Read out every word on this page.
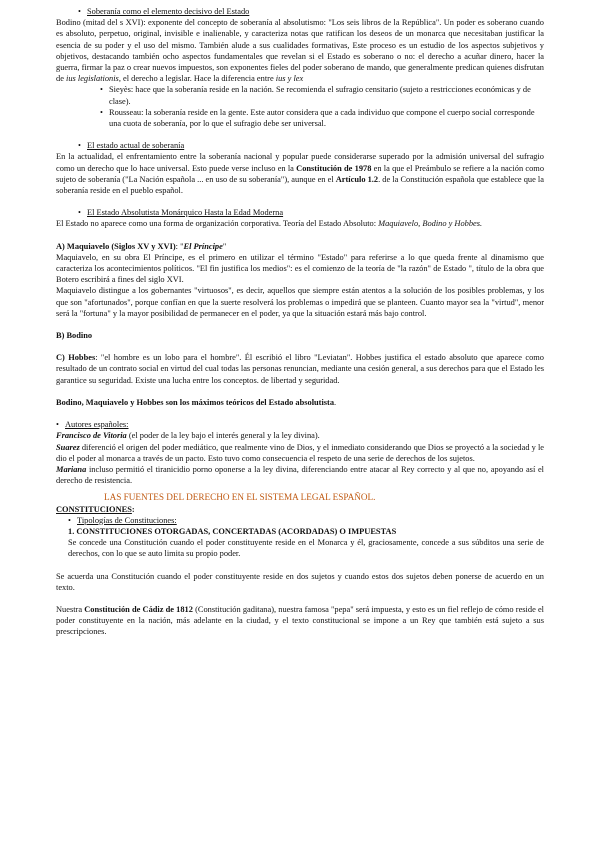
• Soberanía como el elemento decisivo del Estado

Bodino (mitad del s XVI): exponente del concepto de soberanía al absolutismo: "Los seis libros de la República". Un poder es soberano cuando es absoluto, perpetuo, original, invisible e inalienable, y caracteriza notas que ratifican los deseos de un monarca que necesitaban justificar la esencia de su poder y el uso del mismo. También alude a sus cualidades formativas, Este proceso es un estudio de los aspectos subjetivos y objetivos, destacando también ocho aspectos fundamentales que revelan si el Estado es soberano o no: el derecho a acuñar dinero, hacer la guerra, firmar la paz o crear nuevos impuestos, son exponentes fieles del poder soberano de mando, que generalmente predican quienes disfrutan de ius legislationis, el derecho a legislar. Hace la diferencia entre ius y lex

• Sieyès: hace que la soberanía reside en la nación. Se recomienda el sufragio censitario (sujeto a restricciones económicas y de clase).
• Rousseau: la soberanía reside en la gente. Este autor considera que a cada individuo que compone el cuerpo social corresponde una cuota de soberanía, por lo que el sufragio debe ser universal.
• El estado actual de soberanía

En la actualidad, el enfrentamiento entre la soberanía nacional y popular puede considerarse superado por la admisión universal del sufragio como un derecho que lo hace universal. Esto puede verse incluso en la Constitución de 1978 en la que el Preámbulo se refiere a la nación como sujeto de soberanía ("La Nación española ... en uso de su soberanía"), aunque en el Artículo 1.2. de la Constitución española que establece que la soberanía reside en el pueblo español.

• El Estado Absolutista Monárquico Hasta la Edad Moderna

El Estado no aparece como una forma de organización corporativa. Teoría del Estado Absoluto: Maquiavelo, Bodino y Hobbes.

A) Maquiavelo (Siglos XV y XVI): "El Príncipe"

Maquiavelo, en su obra El Príncipe, es el primero en utilizar el término "Estado" para referirse a lo que queda frente al dinamismo que caracteriza los acontecimientos políticos. "El fin justifica los medios": es el comienzo de la teoría de "la razón" de Estado ", título de la obra que Botero escribirá a fines del siglo XVI.

Maquiavelo distingue a los gobernantes "virtuosos", es decir, aquellos que siempre están atentos a la solución de los posibles problemas, y los que son "afortunados", porque confían en que la suerte resolverá los problemas o impedirá que se planteen. Cuanto mayor sea la "virtud", menor será la "fortuna" y la mayor posibilidad de permanecer en el poder, ya que la situación estará más bajo control.

B) Bodino

C) Hobbes: "el hombre es un lobo para el hombre". Él escribió el libro "Leviatan". Hobbes justifica el estado absoluto que aparece como resultado de un contrato social en virtud del cual todas las personas renuncian, mediante una cesión general, a sus derechos para que el Estado les garantice su seguridad. Existe una lucha entre los conceptos. de libertad y seguridad.

Bodino, Maquiavelo y Hobbes son los máximos teóricos del Estado absolutista.

• Autores españoles:

Francisco de Vitoria (el poder de la ley bajo el interés general y la ley divina).

Suarez diferenció el origen del poder mediático, que realmente vino de Dios, y el inmediato considerando que Dios se proyectó a la sociedad y le dio el poder al monarca a través de un pacto. Esto tuvo como consecuencia el respeto de una serie de derechos de los sujetos.

Mariana incluso permitió el tiranicidio porno oponerse a la ley divina, diferenciando entre atacar al Rey correcto y al que no, apoyando así el derecho de resistencia.

LAS FUENTES DEL DERECHO EN EL SISTEMA LEGAL ESPAÑOL.

CONSTITUCIONES:

• Tipologías de Constituciones:

1. CONSTITUCIONES OTORGADAS, CONCERTADAS (ACORDADAS) O IMPUESTAS

Se concede una Constitución cuando el poder constituyente reside en el Monarca y él, graciosamente, concede a sus súbditos una serie de derechos, con lo que se auto limita su propio poder.

Se acuerda una Constitución cuando el poder constituyente reside en dos sujetos y cuando estos dos sujetos deben ponerse de acuerdo en un texto.

Nuestra Constitución de Cádiz de 1812 (Constitución gaditana), nuestra famosa "pepa" será impuesta, y esto es un fiel reflejo de cómo reside el poder constituyente en la nación, más adelante en la ciudad, y el texto constitucional se impone a un Rey que también está sujeto a sus prescripciones.
